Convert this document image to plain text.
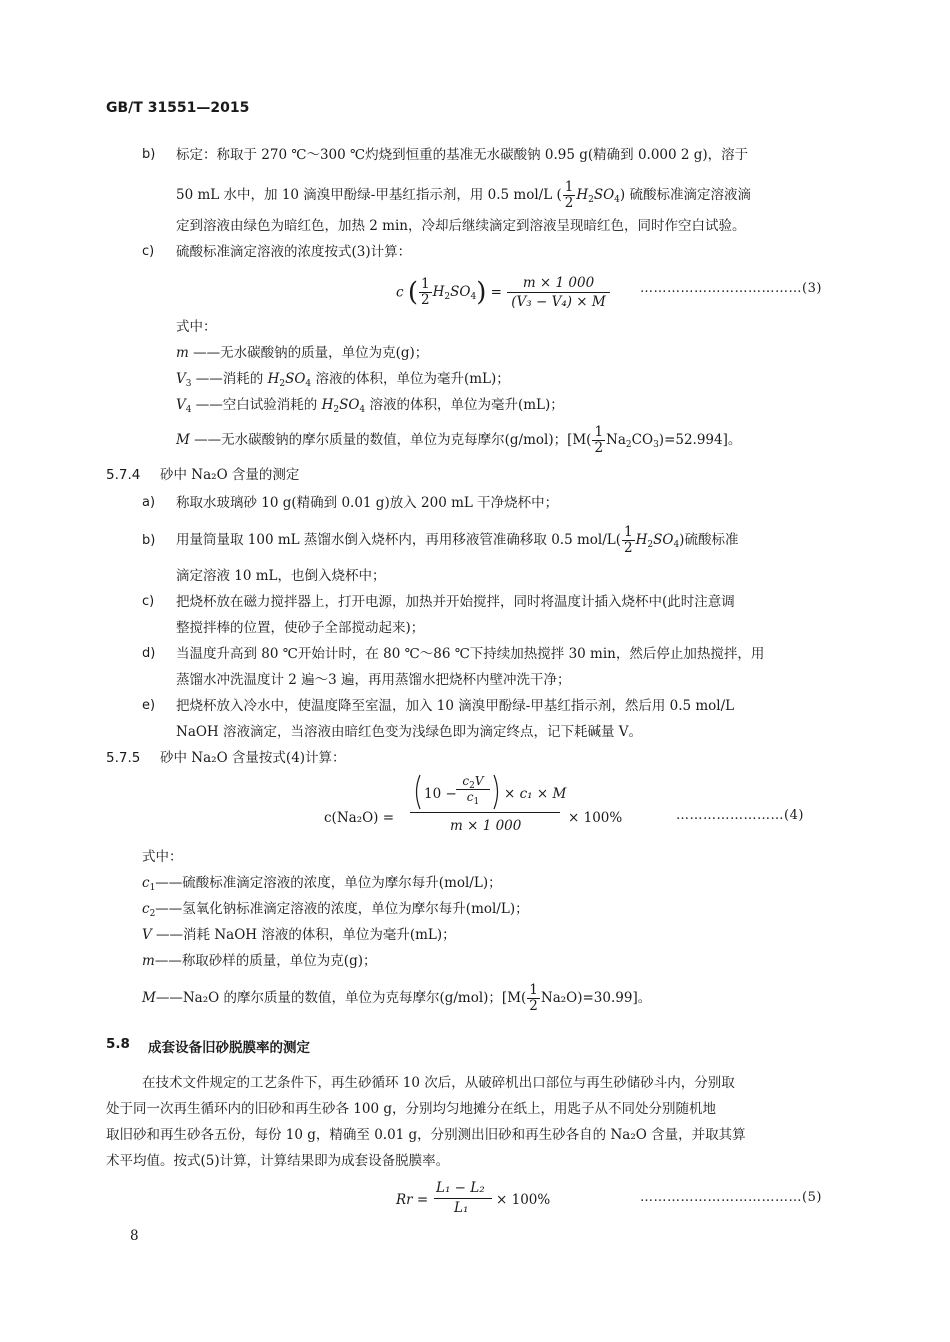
GB/T 31551—2015
b) 标定：称取于 270 ℃～300 ℃灼烧到恒重的基准无水碳酸钠 0.95 g(精确到 0.000 2 g)，溶于
50 mL 水中，加 10 滴溴甲酚绿-甲基红指示剂，用 0.5 mol/L ( $\frac{1}{2} H_2SO_4$) 硫酸标准滴定溶液滴
定到溶液由绿色为暗红色，加热 2 min，冷却后继续滴定到溶液呈现暗红色，同时作空白试验。
c) 硫酸标准滴定溶液的浓度按式(3)计算：
c ( $\frac{1}{2} H_2SO_4) = \frac{m \times 1 000}{\text{(V₃ − V₄) × M}}$ ………………………………(3)
式中：
m ——无水碳酸钠的质量，单位为克(g)；
$V_3$ ——消耗的 $H_2SO_4$ 溶液的体积，单位为毫升(mL)；
$V_4$ ——空白试验消耗的 $H_2SO_4$ 溶液的体积，单位为毫升(mL)；
M ——无水碳酸钠的摩尔质量的数值，单位为克每摩尔(g/mol)；$[M( \frac{1}{2} Na_2CO_3)=52.994]$。
5.7.4 砂中 Na₂O 含量的测定
a) 称取水玻璃砂 10 g(精确到 0.01 g)放入 200 mL 干净烧杯中；
b) 用量筒量取 100 mL 蒸馏水倒入烧杯内，再用移液管准确移取 0.5 $mol/L( \frac{1}{2} H_2SO_4)$硫酸标准
滴定溶液 10 mL，也倒入烧杯中；
c) 把烧杯放在磁力搅拌器上，打开电源，加热并开始搅拌，同时将温度计插入烧杯中(此时注意调
整搅拌棒的位置，使砂子全部搅动起来)；
d) 当温度升高到 80 ℃开始计时，在 80 ℃～86 ℃下持续加热搅拌 30 min，然后停止加热搅拌，用
蒸馏水冲洗温度计 2 遍～3 遍，再用蒸馏水把烧杯内壁冲洗干净；
e) 把烧杯放入冷水中，使温度降至室温，加入 10 滴溴甲酚绿-甲基红指示剂，然后用 0.5 mol/L
NaOH 溶液滴定，当溶液由暗红色变为浅绿色即为滴定终点，记下耗碱量 V。
5.7.5 砂中 Na₂O 含量按式(4)计算：
c(Na₂O) =
10 −
$c_2V$
$c_1$	× c₁ × M
m × 1 000	× 100%	……………………(4)
式中：
$c_1——$硫酸标准滴定溶液的浓度，单位为摩尔每升(mol/L)；
$c_2——$氢氧化钠标准滴定溶液的浓度，单位为摩尔每升(mol/L)；
V ——消耗 NaOH 溶液的体积，单位为毫升(mL)；
m——称取砂样的质量，单位为克(g)；
M——Na₂O 的摩尔质量的数值，单位为克每摩尔(g/mol)；$[M( \frac{1}{2} Na_2O)=30.99]$。
5.8 成套设备旧砂脱膜率的测定
在技术文件规定的工艺条件下，再生砂循环 10 次后，从破碎机出口部位与再生砂储砂斗内，分别取
处于同一次再生循环内的旧砂和再生砂各 100 g，分别均匀地摊分在纸上，用匙子从不同处分别随机地
取旧砂和再生砂各五份，每份 10 g，精确至 0.01 g，分别测出旧砂和再生砂各自的 Na₂O 含量，并取其算
术平均值。按式(5)计算，计算结果即为成套设备脱膜率。
Rr =
L₁ − L₂
L₁ × 100%	………………………………(5)
8
